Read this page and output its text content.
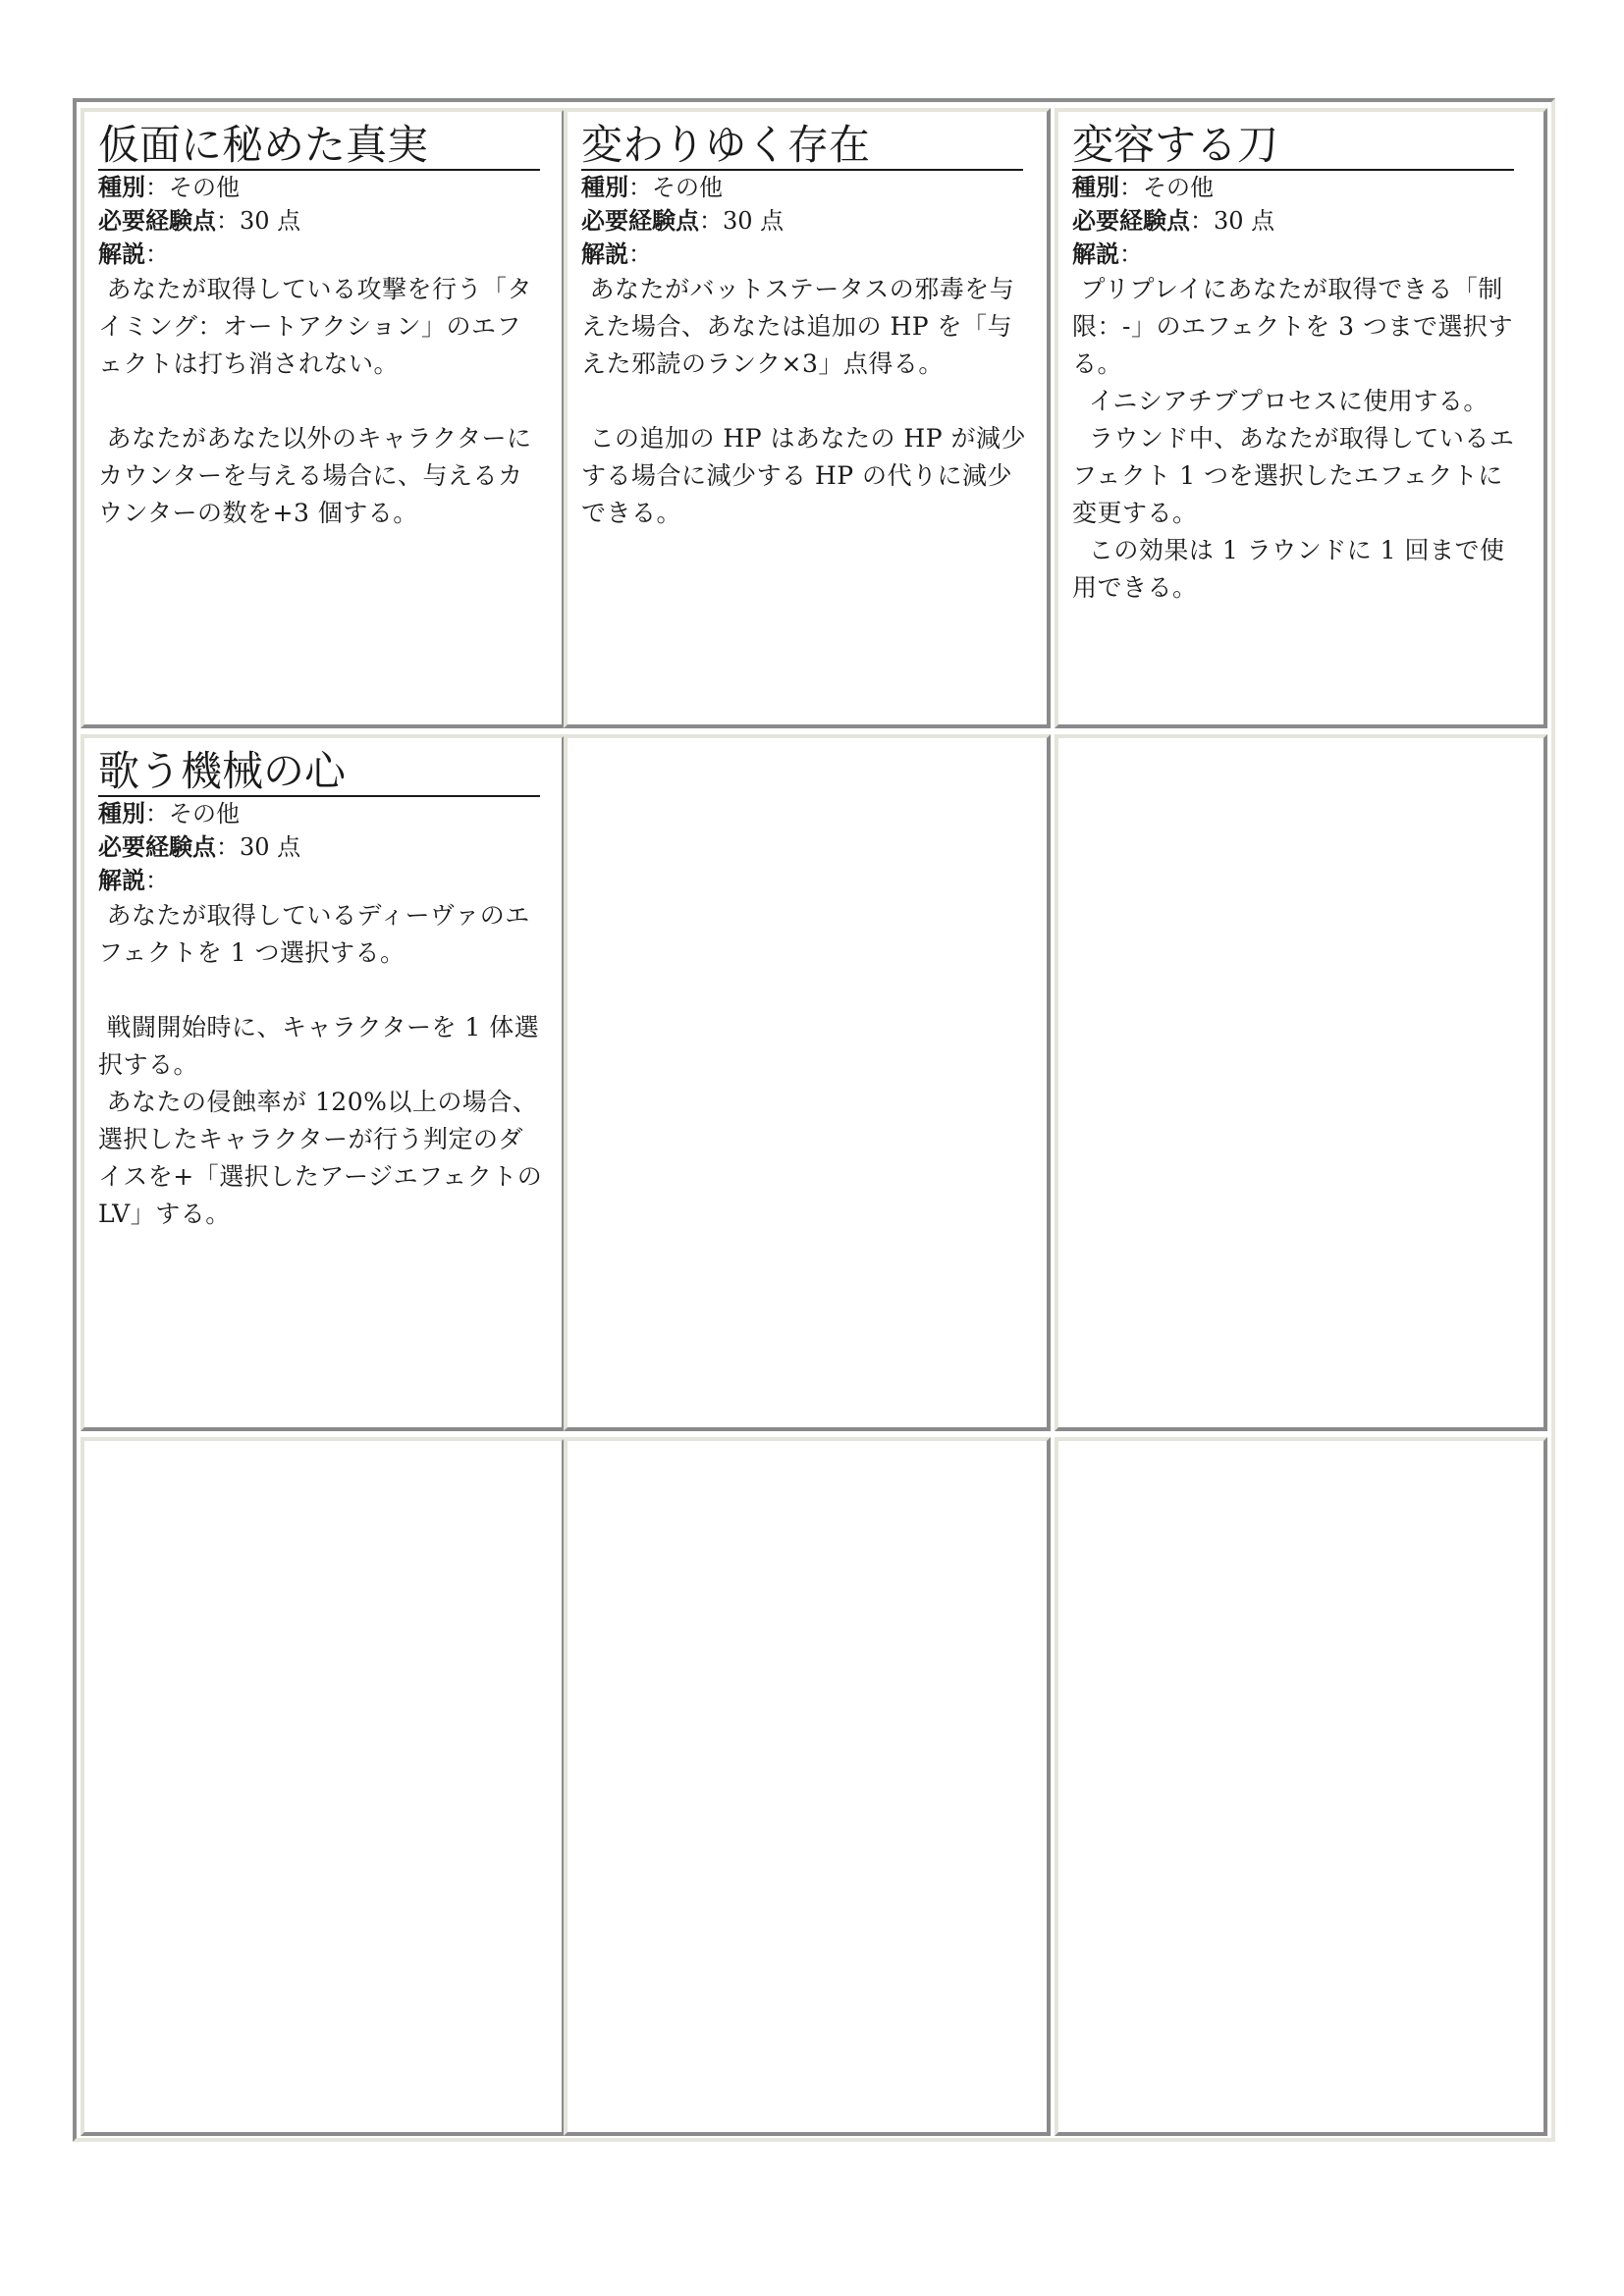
仮面に秘めた真実
種別：その他
必要経験点：30 点
解説：
あなたが取得している攻撃を行う「タイミング：オートアクション」のエフェクトは打ち消されない。

あなたがあなた以外のキャラクターにカウンターを与える場合に、与えるカウンターの数を+3 個する。
変わりゆく存在
種別：その他
必要経験点：30 点
解説：
あなたがバットステータスの邪毒を与えた場合、あなたは追加の HP を「与えた邪読のランク×3」点得る。

この追加の HP はあなたの HP が減少する場合に減少する HP の代りに減少できる。
変容する刀
種別：その他
必要経験点：30 点
解説：
プリプレイにあなたが取得できる「制限：-」のエフェクトを 3 つまで選択する。
イニシアチブプロセスに使用する。
ラウンド中、あなたが取得しているエフェクト 1 つを選択したエフェクトに変更する。
この効果は 1 ラウンドに 1 回まで使用できる。
歌う機械の心
種別：その他
必要経験点：30 点
解説：
あなたが取得しているディーヴァのエフェクトを 1 つ選択する。

戦闘開始時に、キャラクターを 1 体選択する。
あなたの侵蝕率が 120%以上の場合、選択したキャラクターが行う判定のダイスを+「選択したアージエフェクトの LV」する。
